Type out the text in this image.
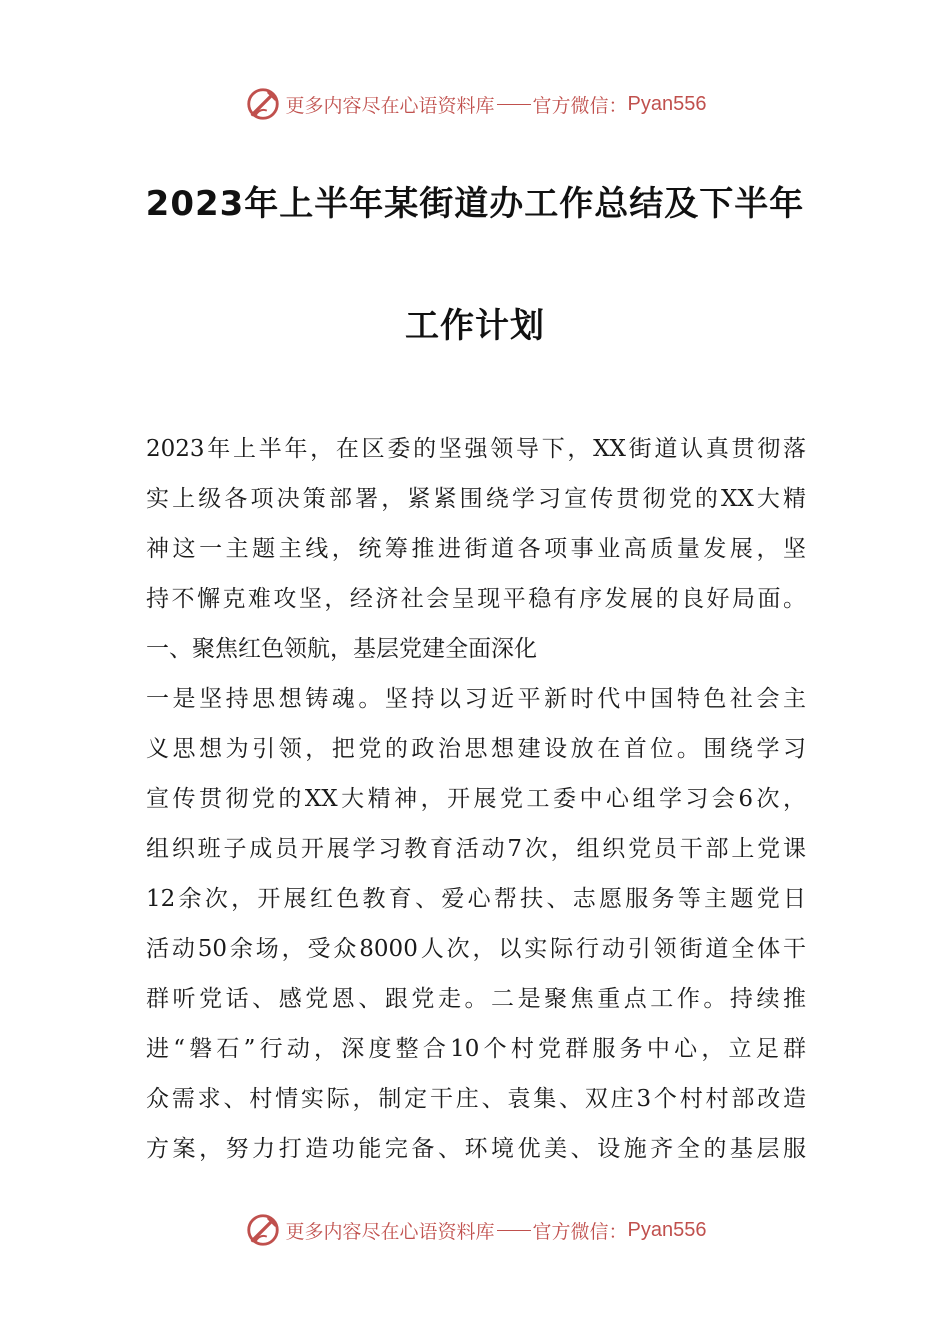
更多内容尽在心语资料库 官方微信： Pyan556
2023年上半年某街道办工作总结及下半年
工作计划
2023年上半年，在区委的坚强领导下，XX街道认真贯彻落
实上级各项决策部署，紧紧围绕学习宣传贯彻党的XX大精
神这一主题主线，统筹推进街道各项事业高质量发展，坚
持不懈克难攻坚，经济社会呈现平稳有序发展的良好局面。
一、聚焦红色领航，基层党建全面深化
一是坚持思想铸魂。坚持以习近平新时代中国特色社会主
义思想为引领，把党的政治思想建设放在首位。围绕学习
宣传贯彻党的XX大精神，开展党工委中心组学习会6次，
组织班子成员开展学习教育活动7次，组织党员干部上党课
12余次，开展红色教育、爱心帮扶、志愿服务等主题党日
活动50余场，受众8000人次，以实际行动引领街道全体干
群听党话、感党恩、跟党走。二是聚焦重点工作。持续推
进“磐石”行动，深度整合10个村党群服务中心，立足群
众需求、村情实际，制定干庄、袁集、双庄3个村村部改造
方案，努力打造功能完备、环境优美、设施齐全的基层服
更多内容尽在心语资料库 官方微信： Pyan556
